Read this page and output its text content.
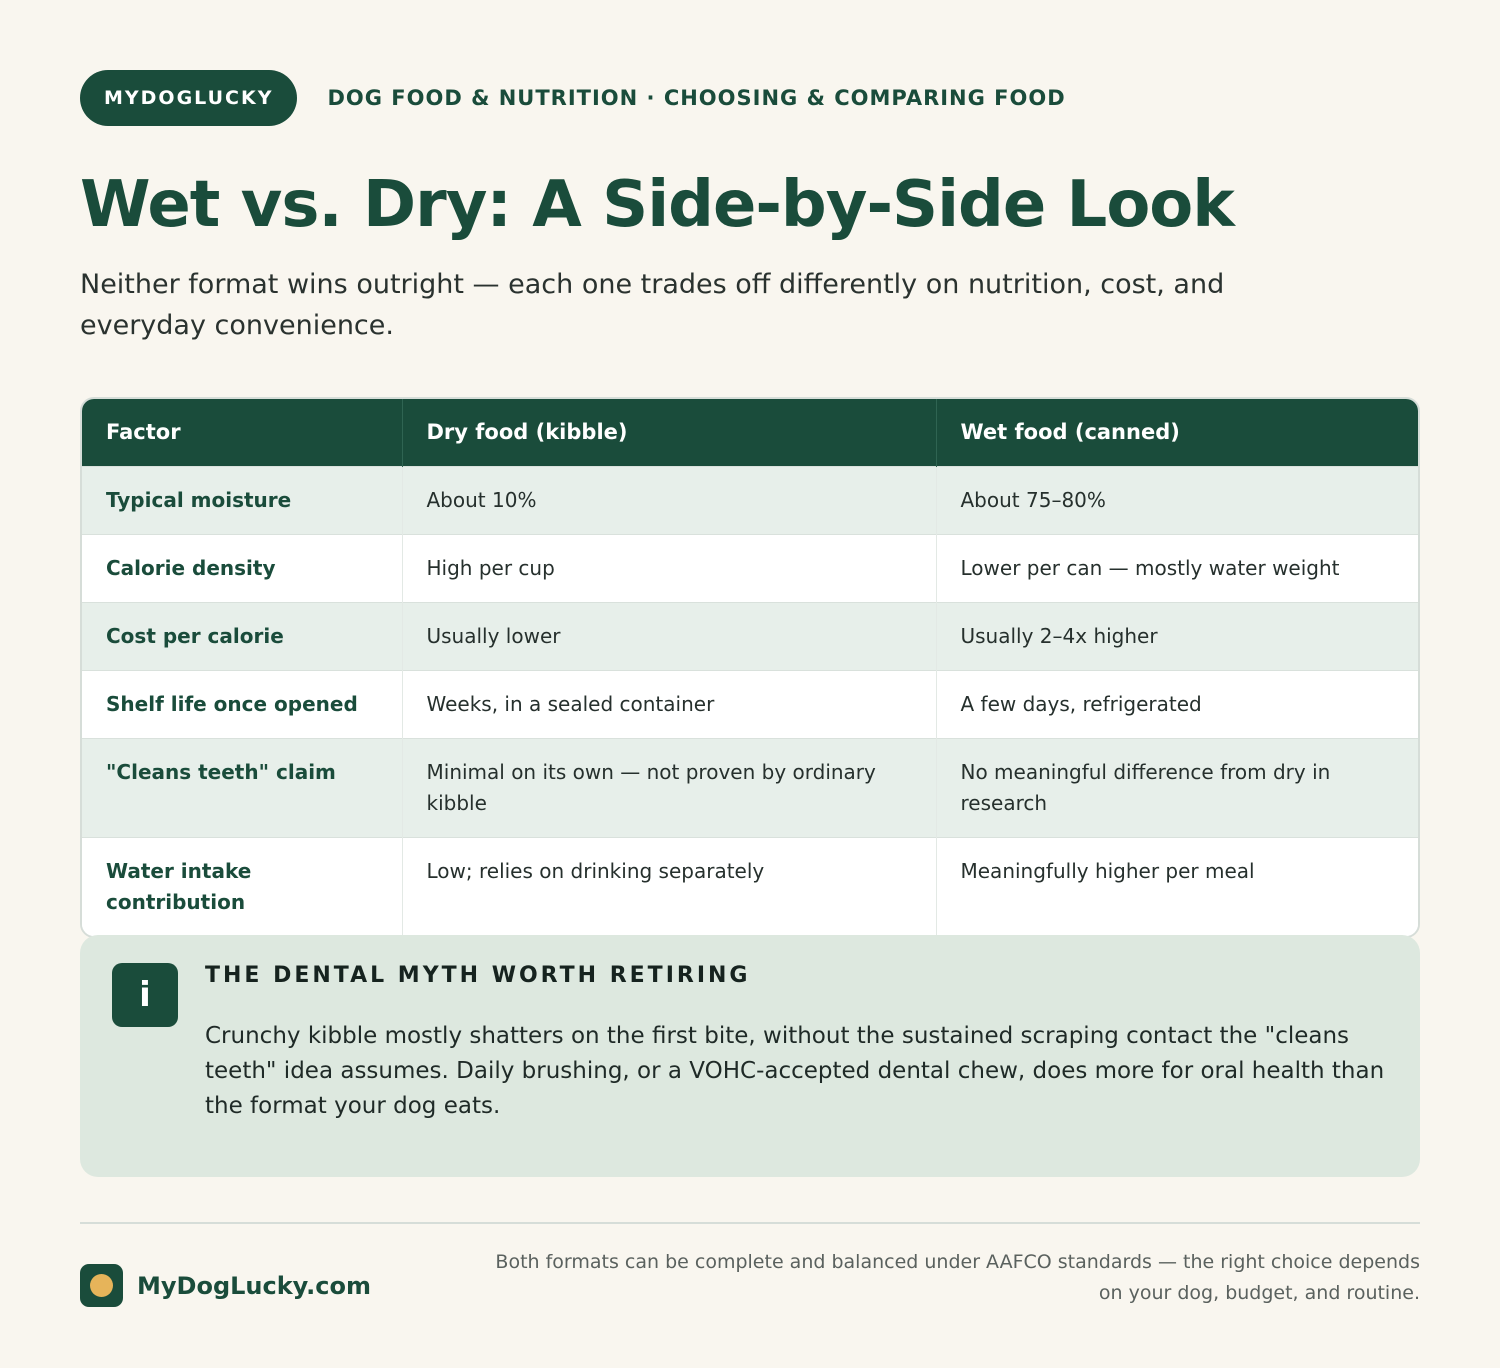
MYDOGLUCKY	DOG FOOD & NUTRITION · CHOOSING & COMPARING FOOD
Wet vs. Dry: A Side-by-Side Look

Neither format wins outright — each one trades off differently on nutrition, cost, and everyday convenience.

Factor	Dry food (kibble)	Wet food (canned)
Typical moisture	About 10%	About 75–80%
Calorie density	High per cup	Lower per can — mostly water weight
Cost per calorie	Usually lower	Usually 2–4x higher
Shelf life once opened	Weeks, in a sealed container	A few days, refrigerated
"Cleans teeth" claim	Minimal on its own — not proven by ordinary kibble	No meaningful difference from dry in research
Water intake contribution	Low; relies on drinking separately	Meaningfully higher per meal
i	THE DENTAL MYTH WORTH RETIRING

Crunchy kibble mostly shatters on the first bite, without the sustained scraping contact the "cleans teeth" idea assumes. Daily brushing, or a VOHC-accepted dental chew, does more for oral health than the format your dog eats.

MyDogLucky.com

Both formats can be complete and balanced under AAFCO standards — the right choice depends on your dog, budget, and routine.
